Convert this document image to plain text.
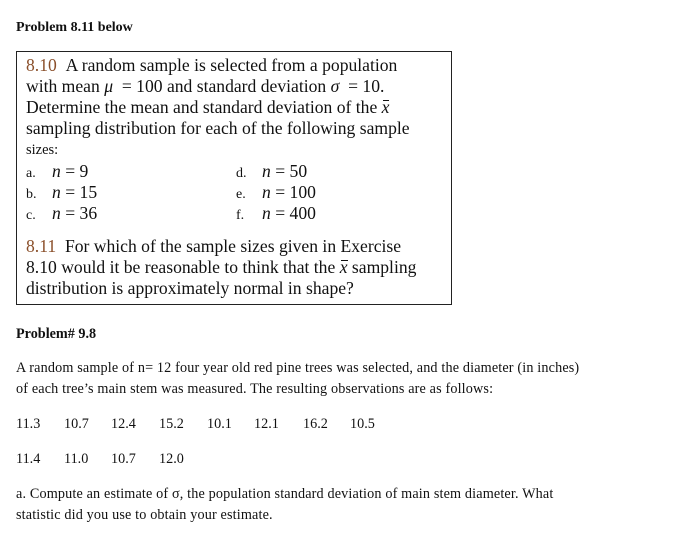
Problem 8.11 below
8.10 A random sample is selected from a population
with mean μ = 100 and standard deviation σ = 10.
Determine the mean and standard deviation of the x
sampling distribution for each of the following sample
sizes:
a. n = 9
b. n = 15
c. n = 36
d. n = 50
e. n = 100
f. n = 400
8.11 For which of the sample sizes given in Exercise
8.10 would it be reasonable to think that the x sampling
distribution is approximately normal in shape?
Problem# 9.8
A random sample of n= 12 four year old red pine trees was selected, and the diameter (in inches)
of each tree’s main stem was measured. The resulting observations are as follows:
11.3 10.7 12.4 15.2 10.1 12.1 16.2 10.5
11.4 11.0 10.7 12.0
a. Compute an estimate of σ, the population standard deviation of main stem diameter. What
statistic did you use to obtain your estimate.
